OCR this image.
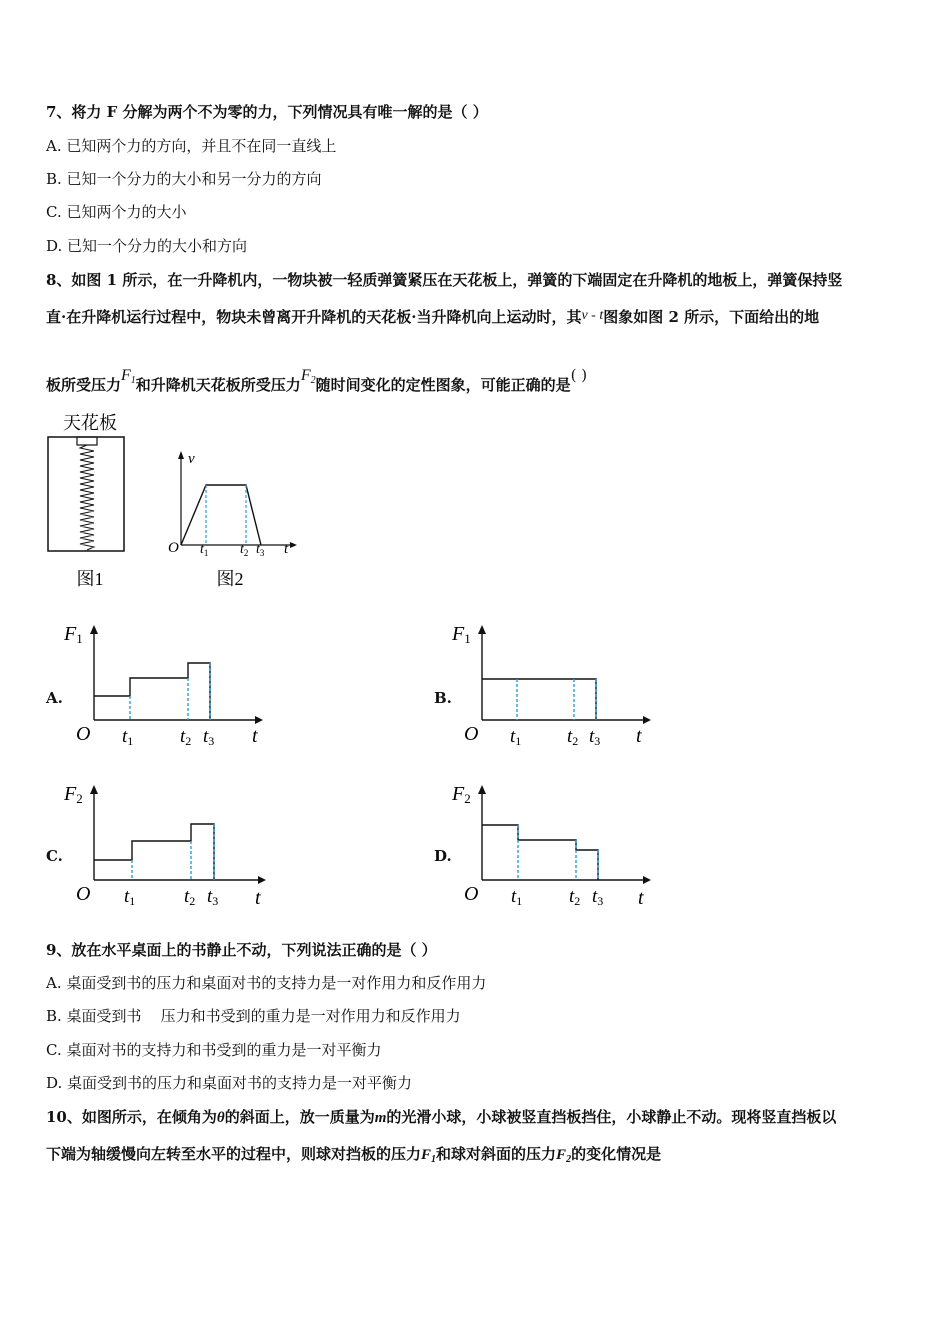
7、将力 F 分解为两个不为零的力，下列情况具有唯一解的是（ ）
A. 已知两个力的方向，并且不在同一直线上
B. 已知一个分力的大小和另一分力的方向
C. 已知两个力的大小
D. 已知一个分力的大小和方向
8、如图 1 所示，在一升降机内，一物块被一轻质弹簧紧压在天花板上，弹簧的下端固定在升降机的地板上，弹簧保持竖
直·在升降机运行过程中，物块未曾离开升降机的天花板·当升降机向上运动时，其v - t图象如图 2 所示，下面给出的地
板所受压力$F_1$和升降机天花板所受压力$F_2$随时间变化的定性图象，可能正确的是( )
天花板
图1
v
O $t_1$ $t_2$ $t_3$ t
图2
A.
F1
O t1 t2 t3 t
B.
F1
O t1 t2 t3 t
C.
F2
O t1	t2 t3 t
D.
F2
O t1 t2 t3 t
9、放在水平桌面上的书静止不动，下列说法正确的是（ ）
A. 桌面受到书的压力和桌面对书的支持力是一对作用力和反作用力
B. 桌面受到书    压力和书受到的重力是一对作用力和反作用力
C. 桌面对书的支持力和书受到的重力是一对平衡力
D. 桌面受到书的压力和桌面对书的支持力是一对平衡力
10、如图所示，在倾角为θ的斜面上，放一质量为m的光滑小球，小球被竖直挡板挡住，小球静止不动。现将竖直挡板以
下端为轴缓慢向左转至水平的过程中，则球对挡板的压力$F_1$和球对斜面的压力$F_2$的变化情况是
